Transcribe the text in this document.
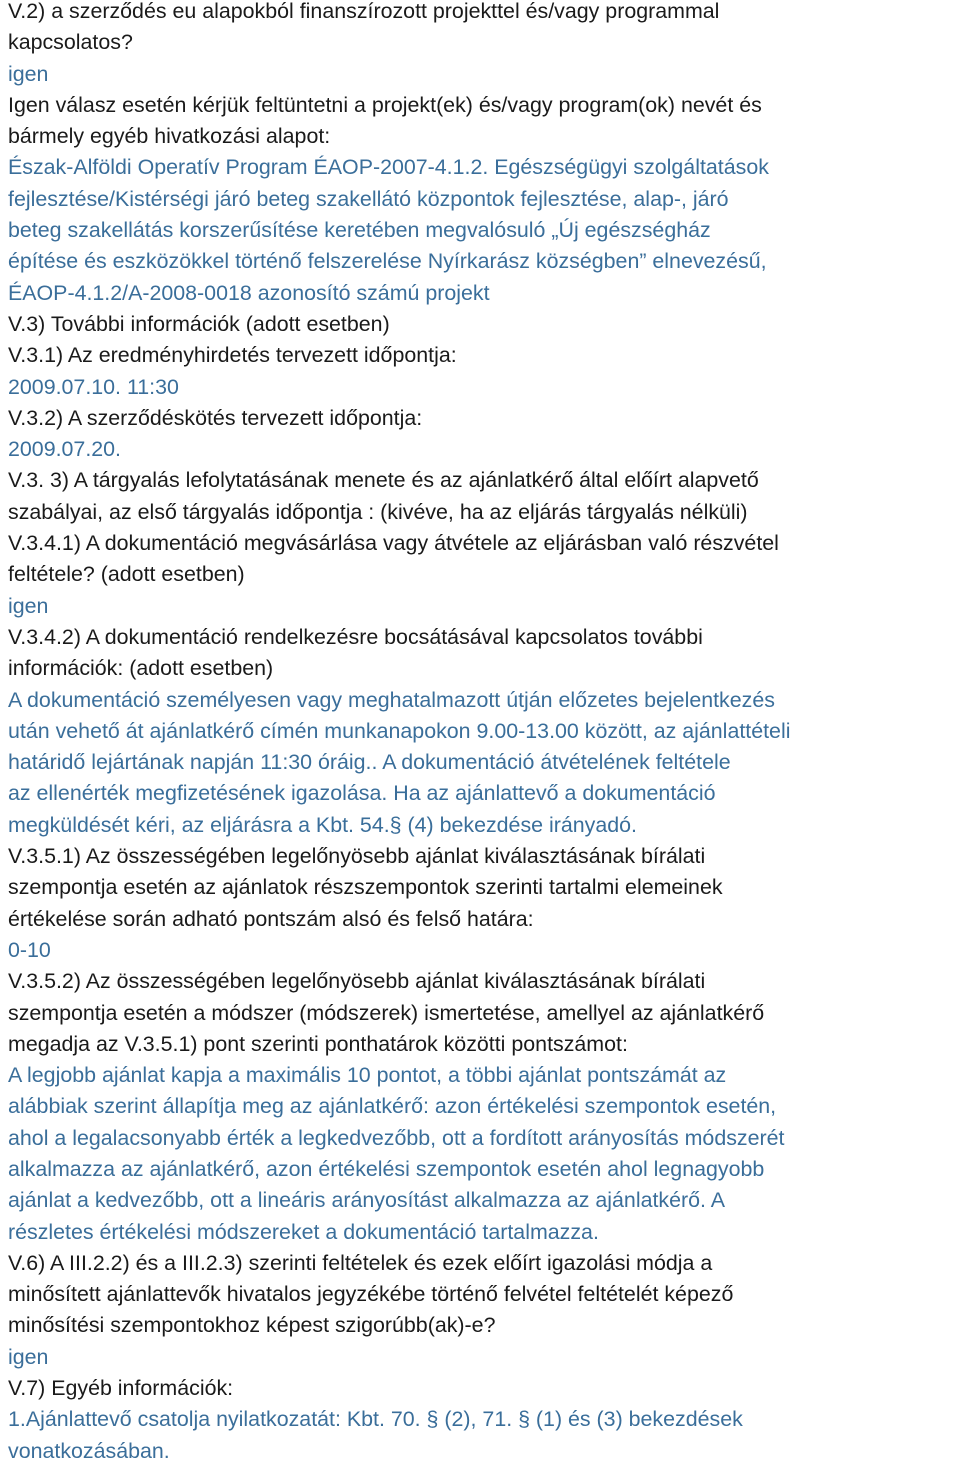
V.2) a szerződés eu alapokból finanszírozott projekttel és/vagy programmal
kapcsolatos?
igen
Igen válasz esetén kérjük feltüntetni a projekt(ek) és/vagy program(ok) nevét és
bármely egyéb hivatkozási alapot:
Észak-Alföldi Operatív Program ÉAOP-2007-4.1.2. Egészségügyi szolgáltatások
fejlesztése/Kistérségi járó beteg szakellátó központok fejlesztése, alap-, járó
beteg szakellátás korszerűsítése keretében megvalósuló „Új egészségház
építése és eszközökkel történő felszerelése Nyírkarász községben” elnevezésű,
ÉAOP-4.1.2/A-2008-0018 azonosító számú projekt
V.3) További információk (adott esetben)
V.3.1) Az eredményhirdetés tervezett időpontja:
2009.07.10. 11:30
V.3.2) A szerződéskötés tervezett időpontja:
2009.07.20.
V.3. 3) A tárgyalás lefolytatásának menete és az ajánlatkérő által előírt alapvető
szabályai, az első tárgyalás időpontja : (kivéve, ha az eljárás tárgyalás nélküli)
V.3.4.1) A dokumentáció megvásárlása vagy átvétele az eljárásban való részvétel
feltétele? (adott esetben)
igen
V.3.4.2) A dokumentáció rendelkezésre bocsátásával kapcsolatos további
információk: (adott esetben)
A dokumentáció személyesen vagy meghatalmazott útján előzetes bejelentkezés
után vehető át ajánlatkérő címén munkanapokon 9.00-13.00 között, az ajánlattételi
határidő lejártának napján 11:30 óráig.. A dokumentáció átvételének feltétele
az ellenérték megfizetésének igazolása. Ha az ajánlattevő a dokumentáció
megküldését kéri, az eljárásra a Kbt. 54.§ (4) bekezdése irányadó.
V.3.5.1) Az összességében legelőnyösebb ajánlat kiválasztásának bírálati
szempontja esetén az ajánlatok részszempontok szerinti tartalmi elemeinek
értékelése során adható pontszám alsó és felső határa:
0-10
V.3.5.2) Az összességében legelőnyösebb ajánlat kiválasztásának bírálati
szempontja esetén a módszer (módszerek) ismertetése, amellyel az ajánlatkérő
megadja az V.3.5.1) pont szerinti ponthatárok közötti pontszámot:
A legjobb ajánlat kapja a maximális 10 pontot, a többi ajánlat pontszámát az
alábbiak szerint állapítja meg az ajánlatkérő: azon értékelési szempontok esetén,
ahol a legalacsonyabb érték a legkedvezőbb, ott a fordított arányosítás módszerét
alkalmazza az ajánlatkérő, azon értékelési szempontok esetén ahol legnagyobb
ajánlat a kedvezőbb, ott a lineáris arányosítást alkalmazza az ajánlatkérő. A
részletes értékelési módszereket a dokumentáció tartalmazza.
V.6) A III.2.2) és a III.2.3) szerinti feltételek és ezek előírt igazolási módja a
minősített ajánlattevők hivatalos jegyzékébe történő felvétel feltételét képező
minősítési szempontokhoz képest szigorúbb(ak)-e?
igen
V.7) Egyéb információk:
1.Ajánlattevő csatolja nyilatkozatát: Kbt. 70. § (2), 71. § (1) és (3) bekezdések
vonatkozásában.
